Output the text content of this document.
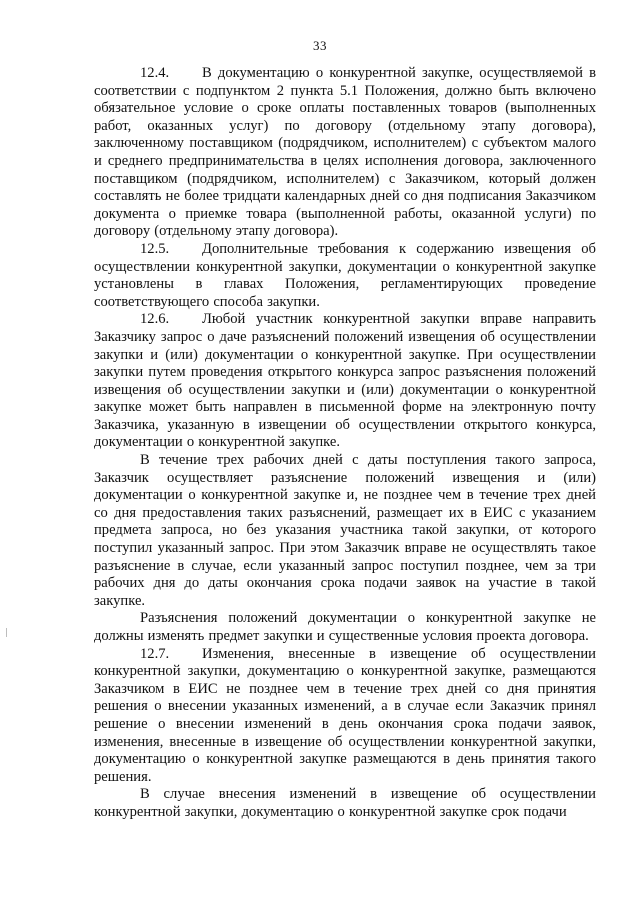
33

12.4. В документацию о конкурентной закупке, осуществляемой в соответствии с подпунктом 2 пункта 5.1 Положения, должно быть включено обязательное условие о сроке оплаты поставленных товаров (выполненных работ, оказанных услуг) по договору (отдельному этапу договора), заключенному поставщиком (подрядчиком, исполнителем) с субъектом малого и среднего предпринимательства в целях исполнения договора, заключенного поставщиком (подрядчиком, исполнителем) с Заказчиком, который должен составлять не более тридцати календарных дней со дня подписания Заказчиком документа о приемке товара (выполненной работы, оказанной услуги) по договору (отдельному этапу договора).

12.5. Дополнительные требования к содержанию извещения об осуществлении конкурентной закупки, документации о конкурентной закупке установлены в главах Положения, регламентирующих проведение соответствующего способа закупки.

12.6. Любой участник конкурентной закупки вправе направить Заказчику запрос о даче разъяснений положений извещения об осуществлении закупки и (или) документации о конкурентной закупке. При осуществлении закупки путем проведения открытого конкурса запрос разъяснения положений извещения об осуществлении закупки и (или) документации о конкурентной закупке может быть направлен в письменной форме на электронную почту Заказчика, указанную в извещении об осуществлении открытого конкурса, документации о конкурентной закупке.

В течение трех рабочих дней с даты поступления такого запроса, Заказчик осуществляет разъяснение положений извещения и (или) документации о конкурентной закупке и, не позднее чем в течение трех дней со дня предоставления таких разъяснений, размещает их в ЕИС с указанием предмета запроса, но без указания участника такой закупки, от которого поступил указанный запрос. При этом Заказчик вправе не осуществлять такое разъяснение в случае, если указанный запрос поступил позднее, чем за три рабочих дня до даты окончания срока подачи заявок на участие в такой закупке.

Разъяснения положений документации о конкурентной закупке не должны изменять предмет закупки и существенные условия проекта договора.

12.7. Изменения, внесенные в извещение об осуществлении конкурентной закупки, документацию о конкурентной закупке, размещаются Заказчиком в ЕИС не позднее чем в течение трех дней со дня принятия решения о внесении указанных изменений, а в случае если Заказчик принял решение о внесении изменений в день окончания срока подачи заявок, изменения, внесенные в извещение об осуществлении конкурентной закупки, документацию о конкурентной закупке размещаются в день принятия такого решения.

В случае внесения изменений в извещение об осуществлении конкурентной закупки, документацию о конкурентной закупке срок подачи
